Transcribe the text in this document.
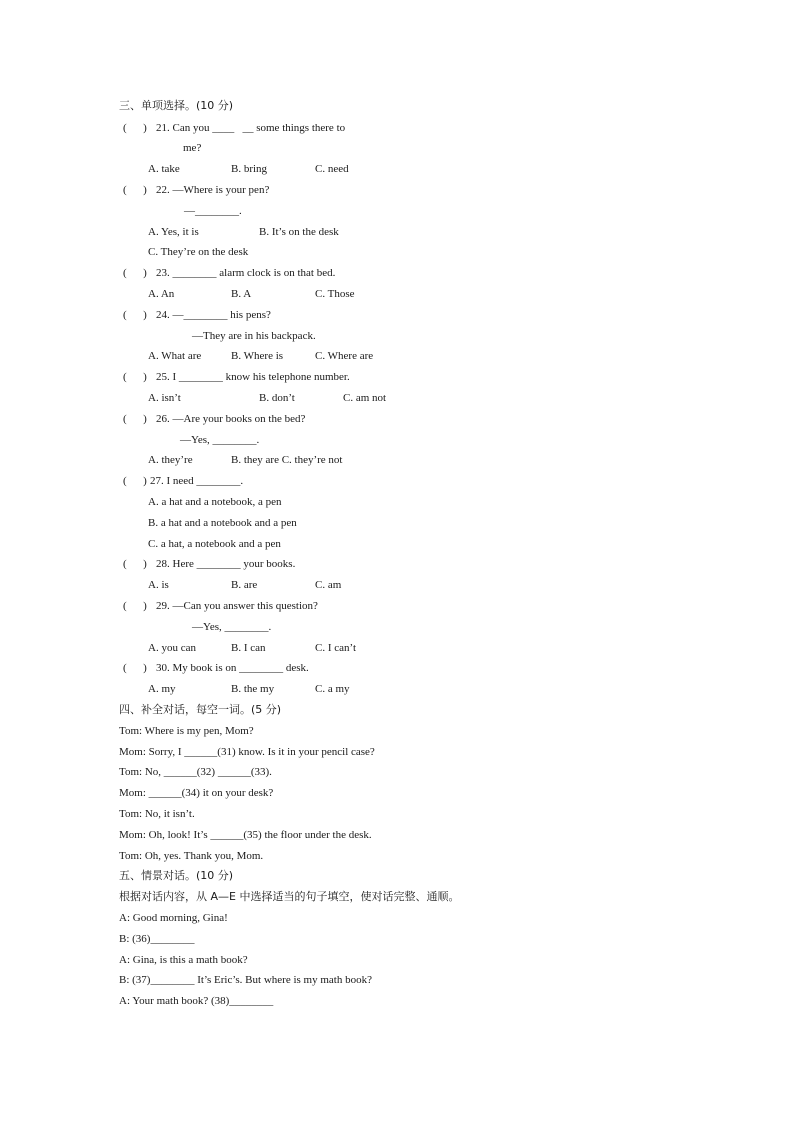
三、单项选择。(10 分)
(      ) 21. Can you ____   __ some things there to
me?
A. take	B. bring	C. need
(      ) 22. —Where is your pen?
—________.
A. Yes, it is	B. It’s on the desk
C. They’re on the desk
(      ) 23. ________ alarm clock is on that bed.
A. An	B. A	C. Those
(      ) 24. —________ his pens?
—They are in his backpack.
A. What are	B. Where is	C. Where are
(      ) 25. I ________ know his telephone number.
A. isn’t	B. don’t	C. am not
(      ) 26. —Are your books on the bed?
—Yes, ________.
A. they’re	B. they are C. they’re not
(      ) 27. I need ________.
A. a hat and a notebook, a pen
B. a hat and a notebook and a pen
C. a hat, a notebook and a pen
(      ) 28. Here ________ your books.
A. is	B. are	C. am
(      ) 29. —Can you answer this question?
—Yes, ________.
A. you can	B. I can	C. I can’t
(      ) 30. My book is on ________ desk.
A. my	B. the my	C. a my
四、补全对话，每空一词。(5 分)
Tom: Where is my pen, Mom?
Mom: Sorry, I ______(31) know. Is it in your pencil case?
Tom: No, ______(32) ______(33).
Mom: ______(34) it on your desk?
Tom: No, it isn’t.
Mom: Oh, look! It’s ______(35) the floor under the desk.
Tom: Oh, yes. Thank you, Mom.
五、情景对话。(10 分)
根据对话内容，从 A—E 中选择适当的句子填空，使对话完整、通顺。
A: Good morning, Gina!
B: (36)________
A: Gina, is this a math book?
B: (37)________ It’s Eric’s. But where is my math book?
A: Your math book? (38)________
